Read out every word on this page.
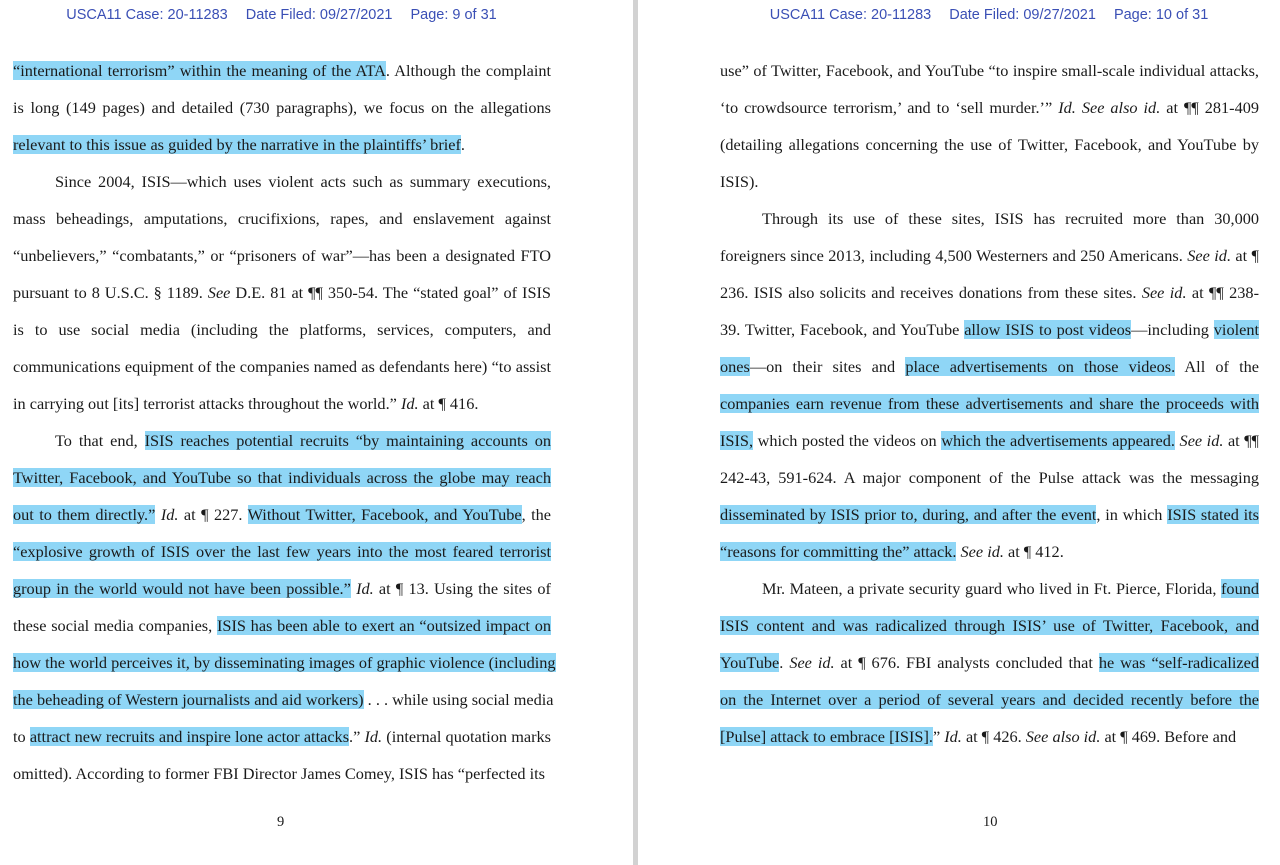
USCA11 Case: 20-11283 Date Filed: 09/27/2021 Page: 9 of 31
“international terrorism” within the meaning of the ATA. Although the complaint
is long (149 pages) and detailed (730 paragraphs), we focus on the allegations
relevant to this issue as guided by the narrative in the plaintiffs’ brief.
Since 2004, ISIS—which uses violent acts such as summary executions,
mass beheadings, amputations, crucifixions, rapes, and enslavement against
“unbelievers,” “combatants,” or “prisoners of war”—has been a designated FTO
pursuant to 8 U.S.C. § 1189. See D.E. 81 at ¶¶ 350-54. The “stated goal” of ISIS
is to use social media (including the platforms, services, computers, and
communications equipment of the companies named as defendants here) “to assist
in carrying out [its] terrorist attacks throughout the world.” Id. at ¶ 416.
To that end, ISIS reaches potential recruits “by maintaining accounts on
Twitter, Facebook, and YouTube so that individuals across the globe may reach
out to them directly.” Id. at ¶ 227. Without Twitter, Facebook, and YouTube, the
“explosive growth of ISIS over the last few years into the most feared terrorist
group in the world would not have been possible.” Id. at ¶ 13. Using the sites of
these social media companies, ISIS has been able to exert an “outsized impact on
how the world perceives it, by disseminating images of graphic violence (including
the beheading of Western journalists and aid workers) . . . while using social media
to attract new recruits and inspire lone actor attacks.” Id. (internal quotation marks
omitted). According to former FBI Director James Comey, ISIS has “perfected its
9
USCA11 Case: 20-11283 Date Filed: 09/27/2021 Page: 10 of 31
use” of Twitter, Facebook, and YouTube “to inspire small-scale individual attacks,
‘to crowdsource terrorism,’ and to ‘sell murder.’” Id. See also id. at ¶¶ 281-409
(detailing allegations concerning the use of Twitter, Facebook, and YouTube by
ISIS).
Through its use of these sites, ISIS has recruited more than 30,000
foreigners since 2013, including 4,500 Westerners and 250 Americans. See id. at ¶
236. ISIS also solicits and receives donations from these sites. See id. at ¶¶ 238-
39. Twitter, Facebook, and YouTube allow ISIS to post videos—including violent
ones—on their sites and place advertisements on those videos. All of the
companies earn revenue from these advertisements and share the proceeds with
ISIS, which posted the videos on which the advertisements appeared. See id. at ¶¶
242-43, 591-624. A major component of the Pulse attack was the messaging
disseminated by ISIS prior to, during, and after the event, in which ISIS stated its
“reasons for committing the” attack. See id. at ¶ 412.
Mr. Mateen, a private security guard who lived in Ft. Pierce, Florida, found
ISIS content and was radicalized through ISIS’ use of Twitter, Facebook, and
YouTube. See id. at ¶ 676. FBI analysts concluded that he was “self-radicalized
on the Internet over a period of several years and decided recently before the
[Pulse] attack to embrace [ISIS].” Id. at ¶ 426. See also id. at ¶ 469. Before and
10
